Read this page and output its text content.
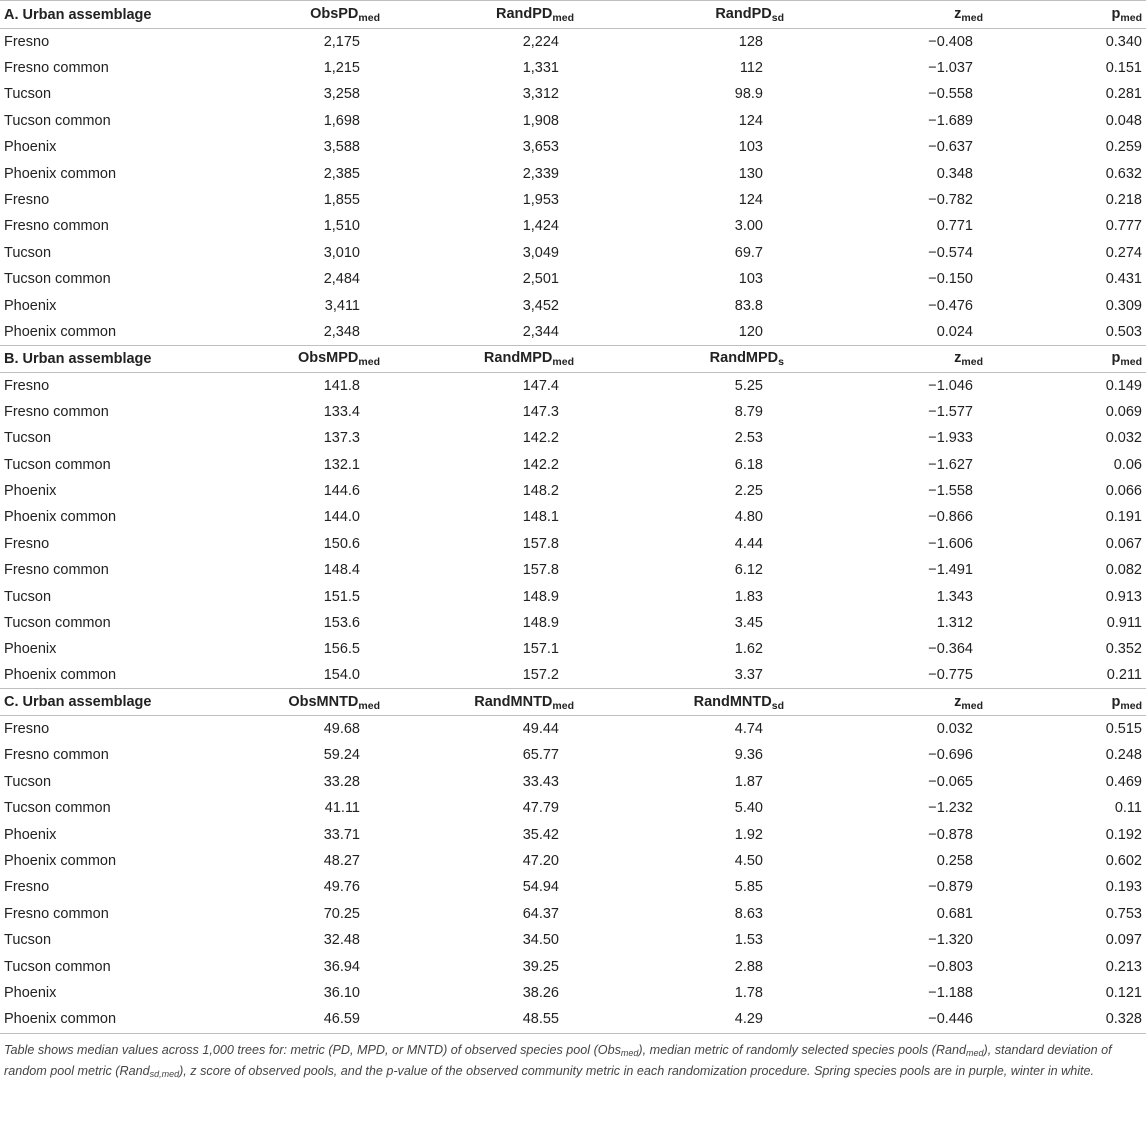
A. Urban assemblage	ObsPD$_{med}$	RandPD$_{med}$	RandPD$_{sd}$	$z_{med}$	$p_{med}$
Fresno	2,175	2,224	128	−0.408	0.340
Fresno common	1,215	1,331	112	−1.037	0.151
Tucson	3,258	3,312	98.9	−0.558	0.281
Tucson common	1,698	1,908	124	−1.689	0.048
Phoenix	3,588	3,653	103	−0.637	0.259
Phoenix common	2,385	2,339	130	0.348	0.632
Fresno	1,855	1,953	124	−0.782	0.218
Fresno common	1,510	1,424	3.00	0.771	0.777
Tucson	3,010	3,049	69.7	−0.574	0.274
Tucson common	2,484	2,501	103	−0.150	0.431
Phoenix	3,411	3,452	83.8	−0.476	0.309
Phoenix common	2,348	2,344	120	0.024	0.503
B. Urban assemblage	ObsMPD$_{med}$	RandMPD$_{med}$	RandMPD$_s$	$z_{med}$	$p_{med}$
Fresno	141.8	147.4	5.25	−1.046	0.149
Fresno common	133.4	147.3	8.79	−1.577	0.069
Tucson	137.3	142.2	2.53	−1.933	0.032
Tucson common	132.1	142.2	6.18	−1.627	0.06
Phoenix	144.6	148.2	2.25	−1.558	0.066
Phoenix common	144.0	148.1	4.80	−0.866	0.191
Fresno	150.6	157.8	4.44	−1.606	0.067
Fresno common	148.4	157.8	6.12	−1.491	0.082
Tucson	151.5	148.9	1.83	1.343	0.913
Tucson common	153.6	148.9	3.45	1.312	0.911
Phoenix	156.5	157.1	1.62	−0.364	0.352
Phoenix common	154.0	157.2	3.37	−0.775	0.211
C. Urban assemblage	ObsMNTD$_{med}$	RandMNTD$_{med}$	RandMNTD$_{sd}$	$z_{med}$	$p_{med}$
Fresno	49.68	49.44	4.74	0.032	0.515
Fresno common	59.24	65.77	9.36	−0.696	0.248
Tucson	33.28	33.43	1.87	−0.065	0.469
Tucson common	41.11	47.79	5.40	−1.232	0.11
Phoenix	33.71	35.42	1.92	−0.878	0.192
Phoenix common	48.27	47.20	4.50	0.258	0.602
Fresno	49.76	54.94	5.85	−0.879	0.193
Fresno common	70.25	64.37	8.63	0.681	0.753
Tucson	32.48	34.50	1.53	−1.320	0.097
Tucson common	36.94	39.25	2.88	−0.803	0.213
Phoenix	36.10	38.26	1.78	−1.188	0.121
Phoenix common	46.59	48.55	4.29	−0.446	0.328
Table shows median values across 1,000 trees for: metric (PD, MPD, or MNTD) of observed species pool (Obsmed), median metric of randomly selected species pools (Randmed), standard deviation of random pool metric (Randsd,med), z score of observed pools, and the p-value of the observed community metric in each randomization procedure. Spring species pools are in purple, winter in white.
